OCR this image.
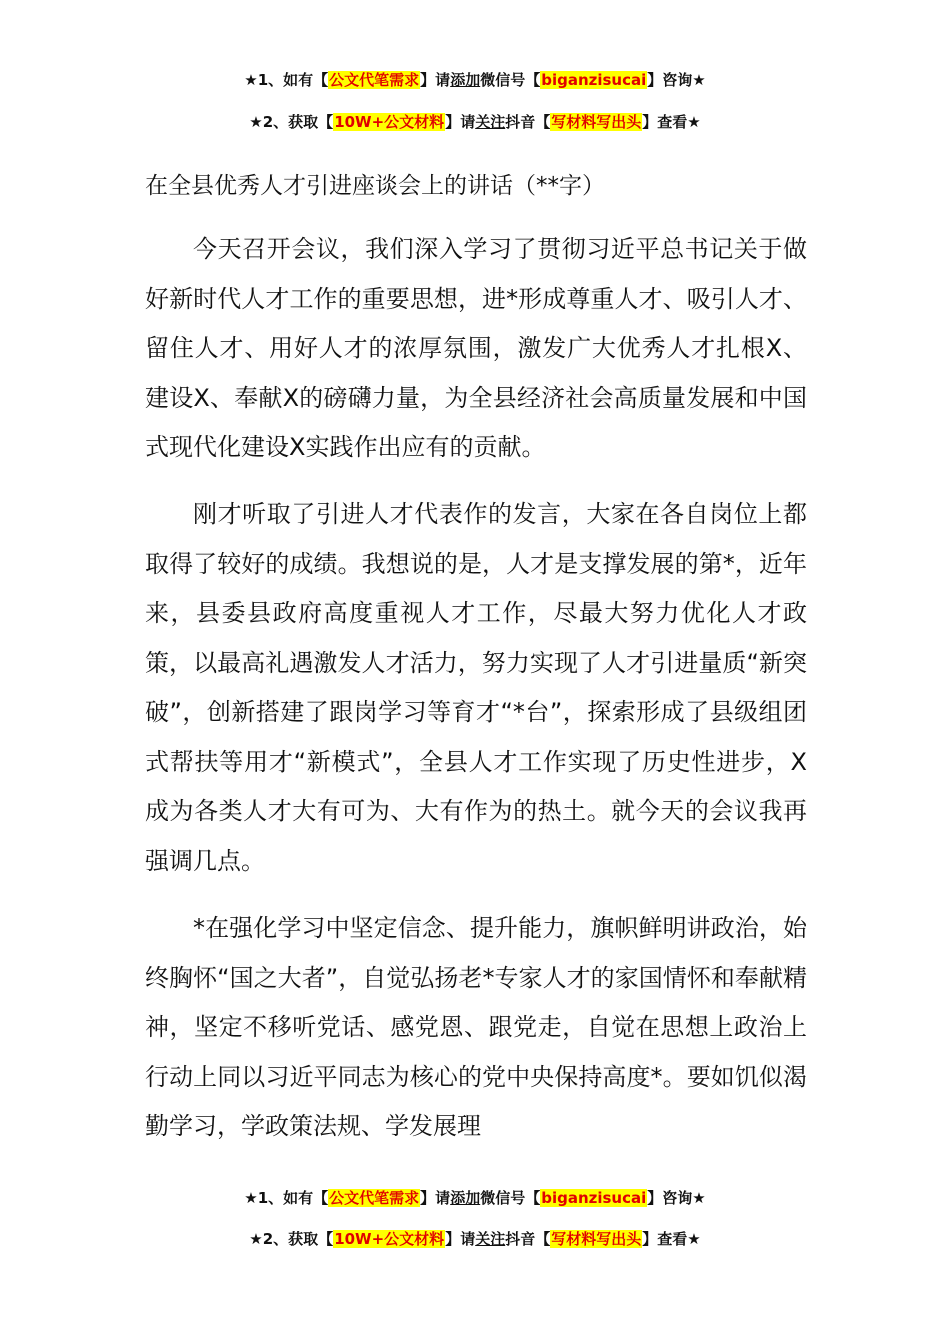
★1、如有【公文代笔需求】请添加微信号【biganzisucai】咨询★
★2、获取【10W+公文材料】请关注抖音【写材料写出头】查看★
在全县优秀人才引进座谈会上的讲话（**字）

今天召开会议，我们深入学习了贯彻习近平总书记关于做好新时代人才工作的重要思想，进*形成尊重人才、吸引人才、留住人才、用好人才的浓厚氛围，激发广大优秀人才扎根X、建设X、奉献X的磅礴力量，为全县经济社会高质量发展和中国式现代化建设X实践作出应有的贡献。

刚才听取了引进人才代表作的发言，大家在各自岗位上都取得了较好的成绩。我想说的是，人才是支撑发展的第*，近年来，县委县政府高度重视人才工作，尽最大努力优化人才政策，以最高礼遇激发人才活力，努力实现了人才引进量质“新突破”，创新搭建了跟岗学习等育才“*台”，探索形成了县级组团式帮扶等用才“新模式”，全县人才工作实现了历史性进步，X成为各类人才大有可为、大有作为的热土。就今天的会议我再强调几点。

*在强化学习中坚定信念、提升能力，旗帜鲜明讲政治，始终胸怀“国之大者”，自觉弘扬老*专家人才的家国情怀和奉献精神，坚定不移听党话、感党恩、跟党走，自觉在思想上政治上行动上同以习近平同志为核心的党中央保持高度*。要如饥似渴勤学习，学政策法规、学发展理

★1、如有【公文代笔需求】请添加微信号【biganzisucai】咨询★
★2、获取【10W+公文材料】请关注抖音【写材料写出头】查看★
